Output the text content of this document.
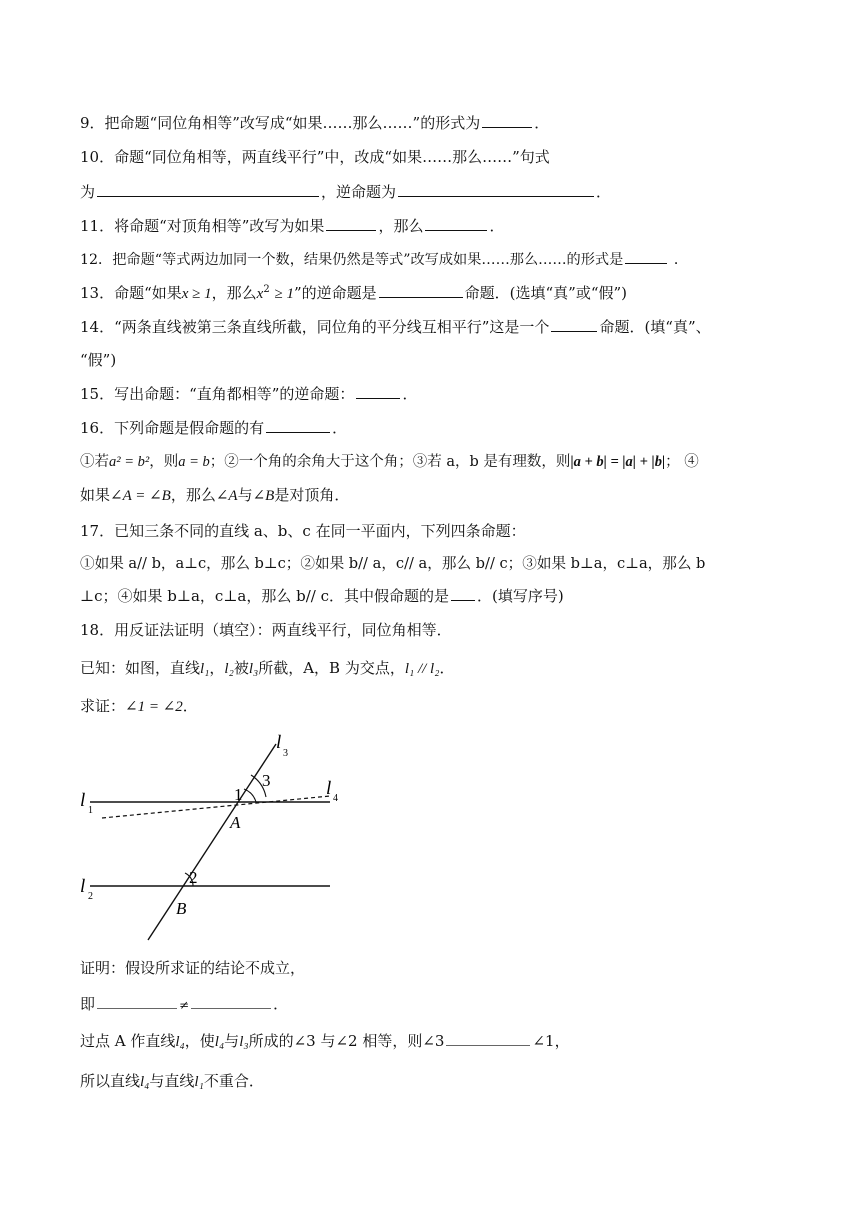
9．把命题“同位角相等”改写成“如果……那么……”的形式为	．
10．命题“同位角相等，两直线平行”中，改成“如果……那么……”句式
为	，逆命题为	．
11．将命题“对顶角相等”改写为如果	，那么	．
12．把命题“等式两边加同一个数，结果仍然是等式”改写成如果……那么……的形式是	．
13．命题“如果x ≥ 1，那么$x^2 \ge 1$”的逆命题是	命题．(选填“真”或“假”)
14．“两条直线被第三条直线所截，同位角的平分线互相平行”这是一个	命题．(填“真”、
“假”)
15．写出命题：“直角都相等”的逆命题：	．
16．下列命题是假命题的有	．
①若a² = b²，则a = b；②一个角的余角大于这个角；③若 a，b 是有理数，则|a + b| = |a| + |b|； ④
如果∠A = ∠B，那么∠A与∠B是对顶角．
17．已知三条不同的直线 a、b、c 在同一平面内，下列四条命题：
①如果 a// b，a⊥c，那么 b⊥c；②如果 b// a，c// a，那么 b// c；③如果 b⊥a，c⊥a，那么 b
⊥c；④如果 b⊥a，c⊥a，那么 b// c．其中假命题的是 ．(填写序号)
18．用反证法证明（填空）：两直线平行，同位角相等．
已知：如图，直线l₁，l₂被l₃所截，A，B 为交点，l₁ // l₂．
求证：∠1 = ∠2．
l 1
l 2
l
3
l 4
A
B
1
2
3
证明：假设所求证的结论不成立，
即	≠	．
过点 A 作直线l₄，使l₄与l₃所成的∠3 与∠2 相等，则∠3	∠1，
所以直线l₄与直线l₁不重合．
